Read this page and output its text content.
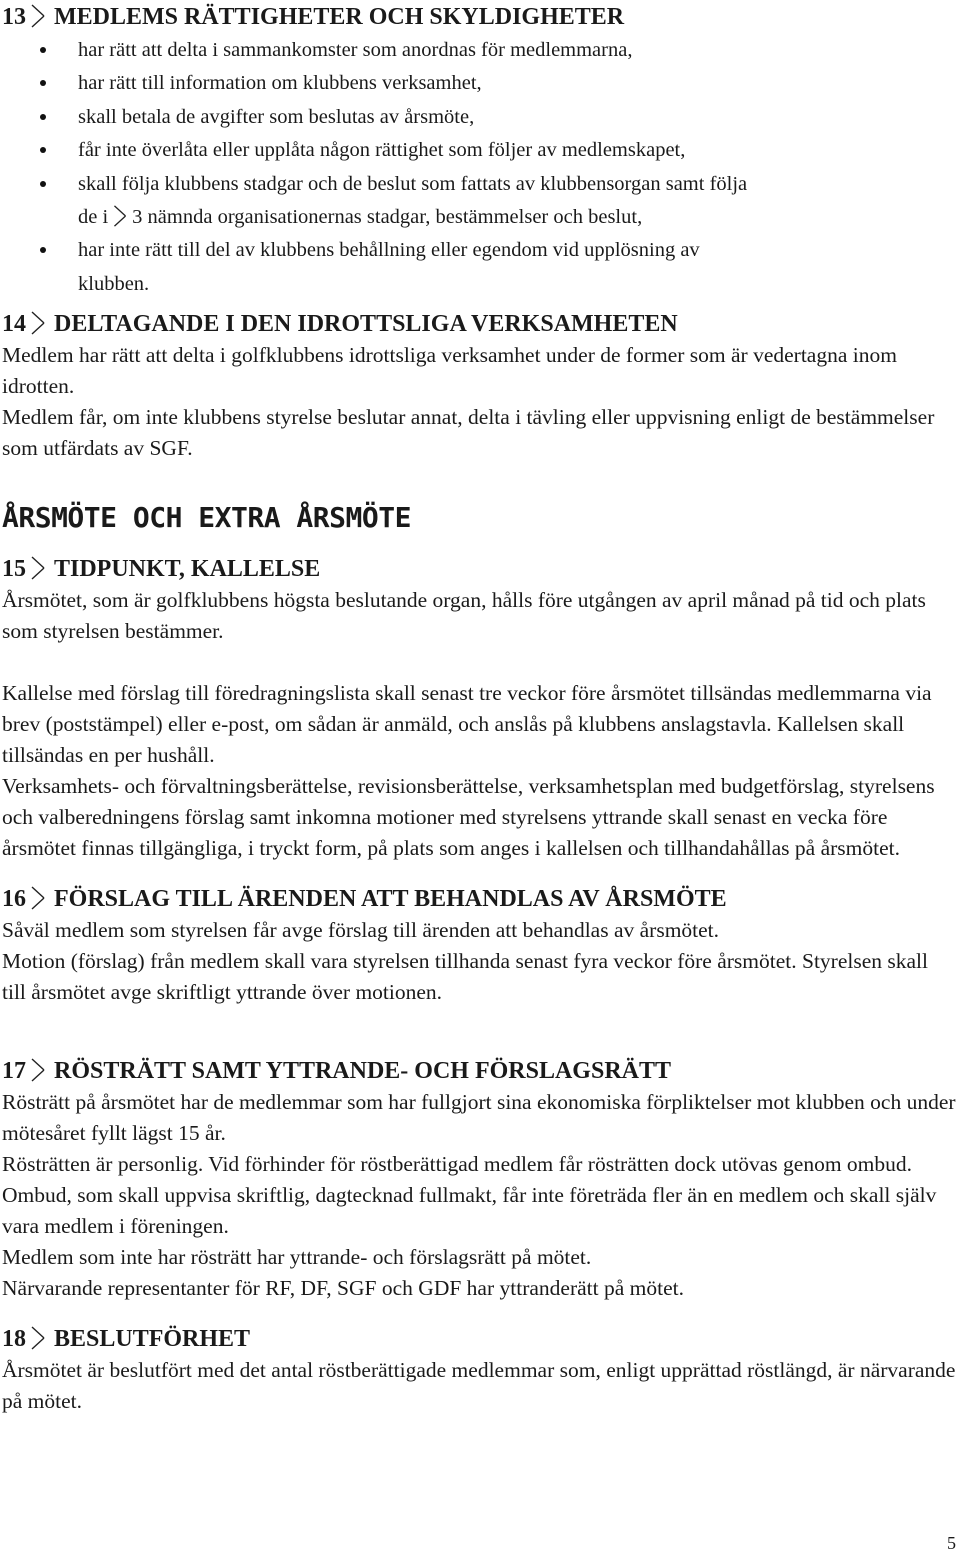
13 MEDLEMS RÄTTIGHETER OCH SKYLDIGHETER
har rätt att delta i sammankomster som anordnas för medlemmarna,
har rätt till information om klubbens verksamhet,
skall betala de avgifter som beslutas av årsmöte,
får inte överlåta eller upplåta någon rättighet som följer av medlemskapet,
skall följa klubbens stadgar och de beslut som fattats av klubbensorgan samt följa
de i 3 nämnda organisationernas stadgar, bestämmelser och beslut,
har inte rätt till del av klubbens behållning eller egendom vid upplösning av
klubben.
14 DELTAGANDE I DEN IDROTTSLIGA VERKSAMHETEN

Medlem har rätt att delta i golfklubbens idrottsliga verksamhet under de former som är vedertagna inom idrotten.

Medlem får, om inte klubbens styrelse beslutar annat, delta i tävling eller uppvisning enligt de bestämmelser som utfärdats av SGF.

ÅRSMÖTE OCH EXTRA ÅRSMÖTE
15 TIDPUNKT, KALLELSE

Årsmötet, som är golfklubbens högsta beslutande organ, hålls före utgången av april månad på tid och plats som styrelsen bestämmer.

Kallelse med förslag till föredragningslista skall senast tre veckor före årsmötet tillsändas medlemmarna via brev (poststämpel) eller e-post, om sådan är anmäld, och anslås på klubbens anslagstavla. Kallelsen skall tillsändas en per hushåll.

Verksamhets- och förvaltningsberättelse, revisionsberättelse, verksamhetsplan med budgetförslag, styrelsens och valberedningens förslag samt inkomna motioner med styrelsens yttrande skall senast en vecka före årsmötet finnas tillgängliga, i tryckt form, på plats som anges i kallelsen och tillhandahållas på årsmötet.

16 FÖRSLAG TILL ÄRENDEN ATT BEHANDLAS AV ÅRSMÖTE

Såväl medlem som styrelsen får avge förslag till ärenden att behandlas av årsmötet.

Motion (förslag) från medlem skall vara styrelsen tillhanda senast fyra veckor före årsmötet. Styrelsen skall till årsmötet avge skriftligt yttrande över motionen.

17 RÖSTRÄTT SAMT YTTRANDE- OCH FÖRSLAGSRÄTT

Rösträtt på årsmötet har de medlemmar som har fullgjort sina ekonomiska förpliktelser mot klubben och under mötesåret fyllt lägst 15 år.

Rösträtten är personlig. Vid förhinder för röstberättigad medlem får rösträtten dock utövas genom ombud. Ombud, som skall uppvisa skriftlig, dagtecknad fullmakt, får inte företräda fler än en medlem och skall själv vara medlem i föreningen.

Medlem som inte har rösträtt har yttrande- och förslagsrätt på mötet.

Närvarande representanter för RF, DF, SGF och GDF har yttranderätt på mötet.

18 BESLUTFÖRHET

Årsmötet är beslutfört med det antal röstberättigade medlemmar som, enligt upprättad röstlängd, är närvarande på mötet.

5
